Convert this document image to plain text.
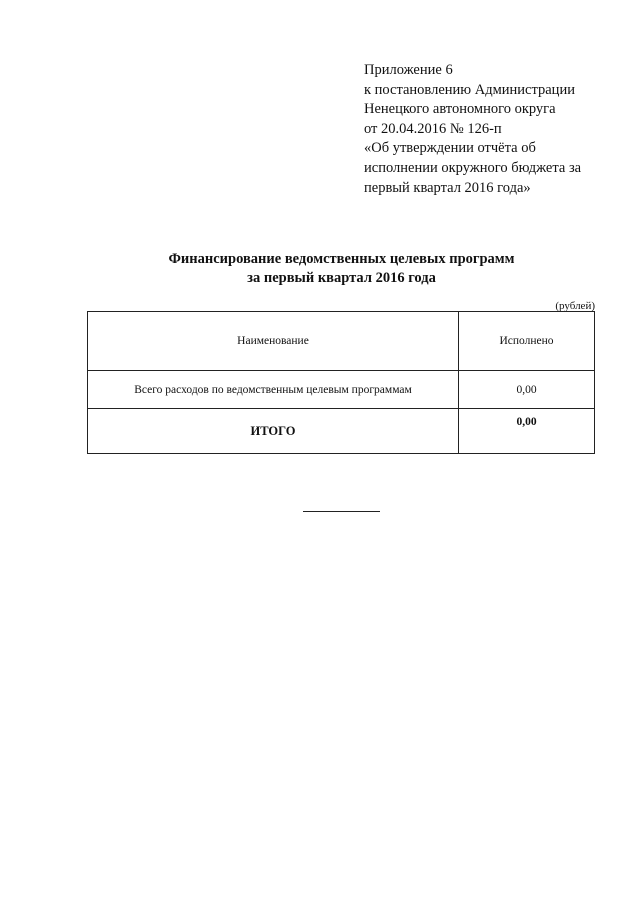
Приложение 6
к постановлению Администрации
Ненецкого автономного округа
от 20.04.2016 № 126-п
«Об утверждении отчёта об
исполнении окружного бюджета за
первый квартал 2016 года»
Финансирование ведомственных целевых программ
за первый квартал 2016 года
(рублей)
Наименование	Исполнено
Всего расходов по ведомственным целевым программам	0,00
ИТОГО	0,00
